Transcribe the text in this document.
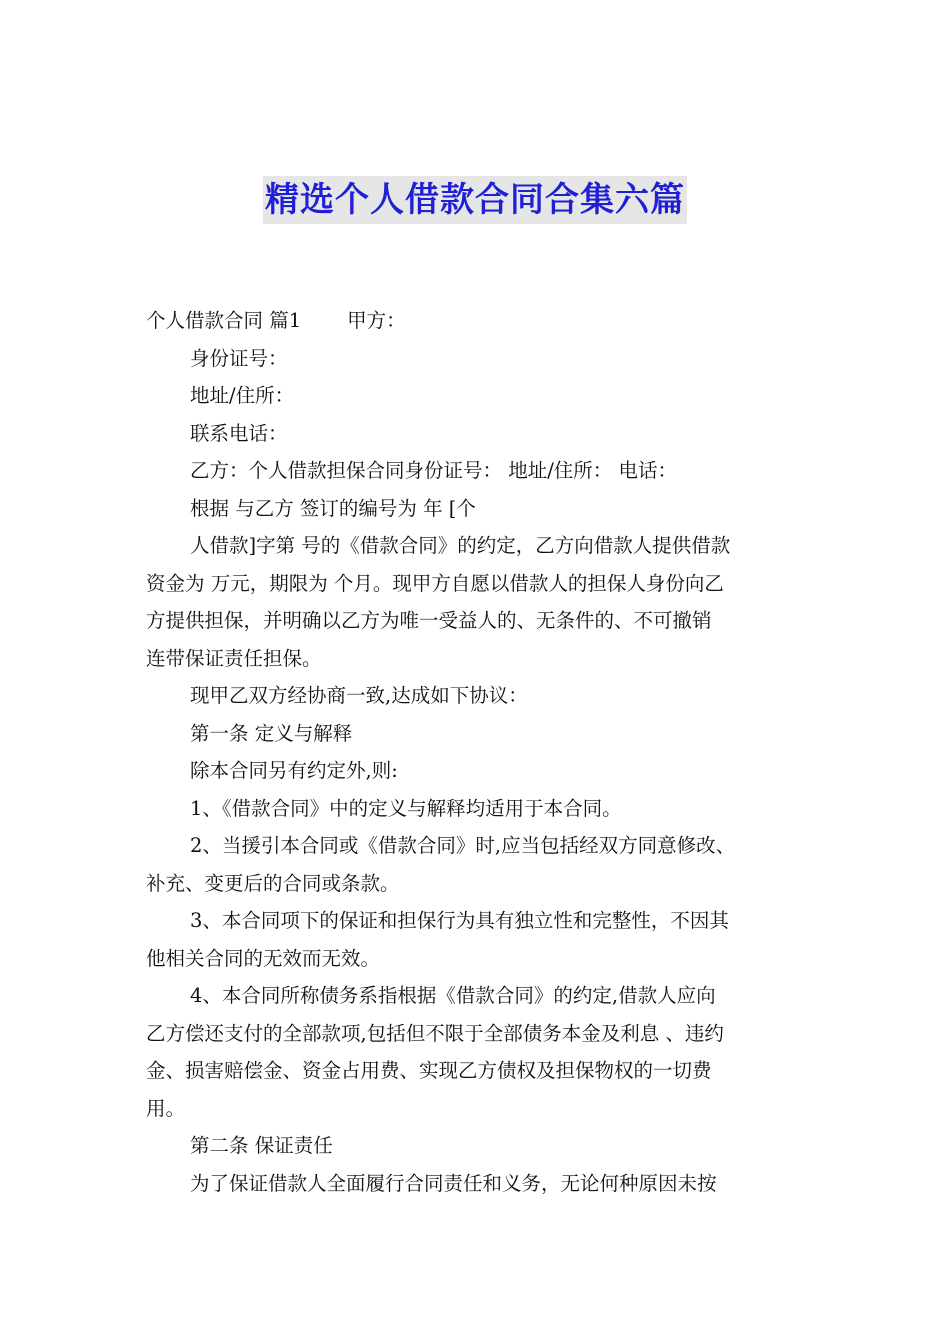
精选个人借款合同合集六篇
个人借款合同 篇1 甲方：
身份证号：
地址/住所：
联系电话：
乙方：个人借款担保合同身份证号： 地址/住所： 电话：
根据 与乙方 签订的编号为 年 [个
人借款]字第 号的《借款合同》的约定，乙方向借款人提供借款
资金为 万元，期限为 个月。现甲方自愿以借款人的担保人身份向乙
方提供担保，并明确以乙方为唯一受益人的、无条件的、不可撤销
连带保证责任担保。
现甲乙双方经协商一致,达成如下协议：
第一条 定义与解释
除本合同另有约定外,则:
1、《借款合同》中的定义与解释均适用于本合同。
2、当援引本合同或《借款合同》时,应当包括经双方同意修改、
补充、变更后的合同或条款。
3、本合同项下的保证和担保行为具有独立性和完整性，不因其
他相关合同的无效而无效。
4、本合同所称债务系指根据《借款合同》的约定,借款人应向
乙方偿还支付的全部款项,包括但不限于全部债务本金及利息 、违约
金、损害赔偿金、资金占用费、实现乙方债权及担保物权的一切费
用。
第二条 保证责任
为了保证借款人全面履行合同责任和义务，无论何种原因未按
